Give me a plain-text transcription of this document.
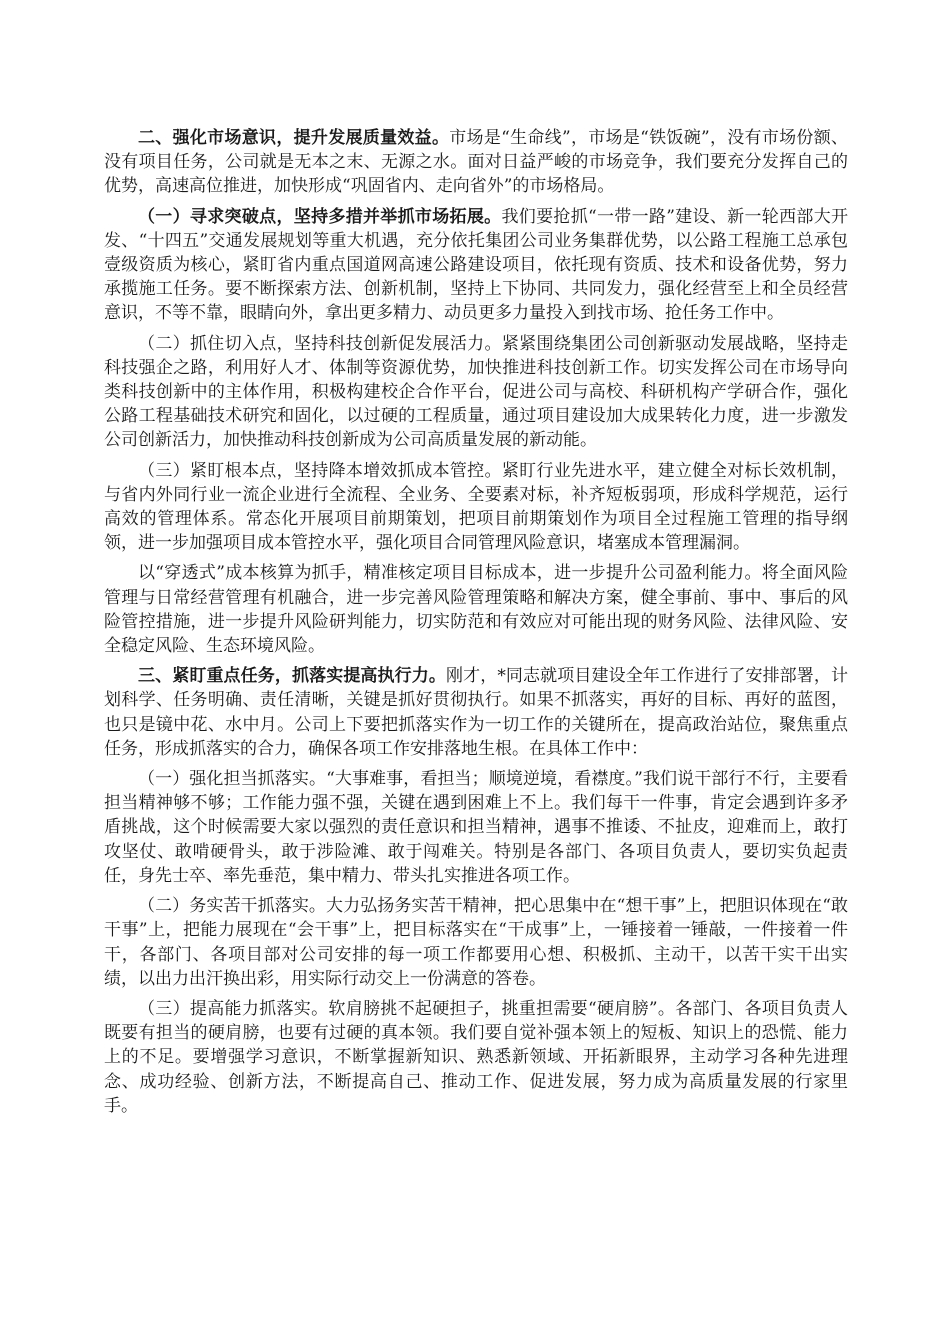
二、强化市场意识，提升发展质量效益。市场是“生命线”，市场是“铁饭碗”，没有市场份额、没有项目任务，公司就是无本之末、无源之水。面对日益严峻的市场竞争，我们要充分发挥自己的优势，高速高位推进，加快形成“巩固省内、走向省外”的市场格局。

（一）寻求突破点，坚持多措并举抓市场拓展。我们要抢抓“一带一路”建设、新一轮西部大开发、“十四五”交通发展规划等重大机遇，充分依托集团公司业务集群优势，以公路工程施工总承包壹级资质为核心，紧盯省内重点国道网高速公路建设项目，依托现有资质、技术和设备优势，努力承揽施工任务。要不断探索方法、创新机制，坚持上下协同、共同发力，强化经营至上和全员经营意识，不等不靠，眼睛向外，拿出更多精力、动员更多力量投入到找市场、抢任务工作中。

（二）抓住切入点，坚持科技创新促发展活力。紧紧围绕集团公司创新驱动发展战略，坚持走科技强企之路，利用好人才、体制等资源优势，加快推进科技创新工作。切实发挥公司在市场导向类科技创新中的主体作用，积极构建校企合作平台，促进公司与高校、科研机构产学研合作，强化公路工程基础技术研究和固化，以过硬的工程质量，通过项目建设加大成果转化力度，进一步激发公司创新活力，加快推动科技创新成为公司高质量发展的新动能。

（三）紧盯根本点，坚持降本增效抓成本管控。紧盯行业先进水平，建立健全对标长效机制，与省内外同行业一流企业进行全流程、全业务、全要素对标，补齐短板弱项，形成科学规范，运行高效的管理体系。常态化开展项目前期策划，把项目前期策划作为项目全过程施工管理的指导纲领，进一步加强项目成本管控水平，强化项目合同管理风险意识，堵塞成本管理漏洞。

以“穿透式”成本核算为抓手，精准核定项目目标成本，进一步提升公司盈利能力。将全面风险管理与日常经营管理有机融合，进一步完善风险管理策略和解决方案，健全事前、事中、事后的风险管控措施，进一步提升风险研判能力，切实防范和有效应对可能出现的财务风险、法律风险、安全稳定风险、生态环境风险。

三、紧盯重点任务，抓落实提高执行力。刚才，*同志就项目建设全年工作进行了安排部署，计划科学、任务明确、责任清晰，关键是抓好贯彻执行。如果不抓落实，再好的目标、再好的蓝图，也只是镜中花、水中月。公司上下要把抓落实作为一切工作的关键所在，提高政治站位，聚焦重点任务，形成抓落实的合力，确保各项工作安排落地生根。在具体工作中：

（一）强化担当抓落实。“大事难事，看担当；顺境逆境，看襟度。”我们说干部行不行，主要看担当精神够不够；工作能力强不强，关键在遇到困难上不上。我们每干一件事，肯定会遇到许多矛盾挑战，这个时候需要大家以强烈的责任意识和担当精神，遇事不推诿、不扯皮，迎难而上，敢打攻坚仗、敢啃硬骨头，敢于涉险滩、敢于闯难关。特别是各部门、各项目负责人，要切实负起责任，身先士卒、率先垂范，集中精力、带头扎实推进各项工作。

（二）务实苦干抓落实。大力弘扬务实苦干精神，把心思集中在“想干事”上，把胆识体现在“敢干事”上，把能力展现在“会干事”上，把目标落实在“干成事”上，一锤接着一锤敲，一件接着一件干，各部门、各项目部对公司安排的每一项工作都要用心想、积极抓、主动干，以苦干实干出实绩，以出力出汗换出彩，用实际行动交上一份满意的答卷。

（三）提高能力抓落实。软肩膀挑不起硬担子，挑重担需要“硬肩膀”。各部门、各项目负责人既要有担当的硬肩膀，也要有过硬的真本领。我们要自觉补强本领上的短板、知识上的恐慌、能力上的不足。要增强学习意识，不断掌握新知识、熟悉新领域、开拓新眼界，主动学习各种先进理念、成功经验、创新方法，不断提高自己、推动工作、促进发展，努力成为高质量发展的行家里手。
